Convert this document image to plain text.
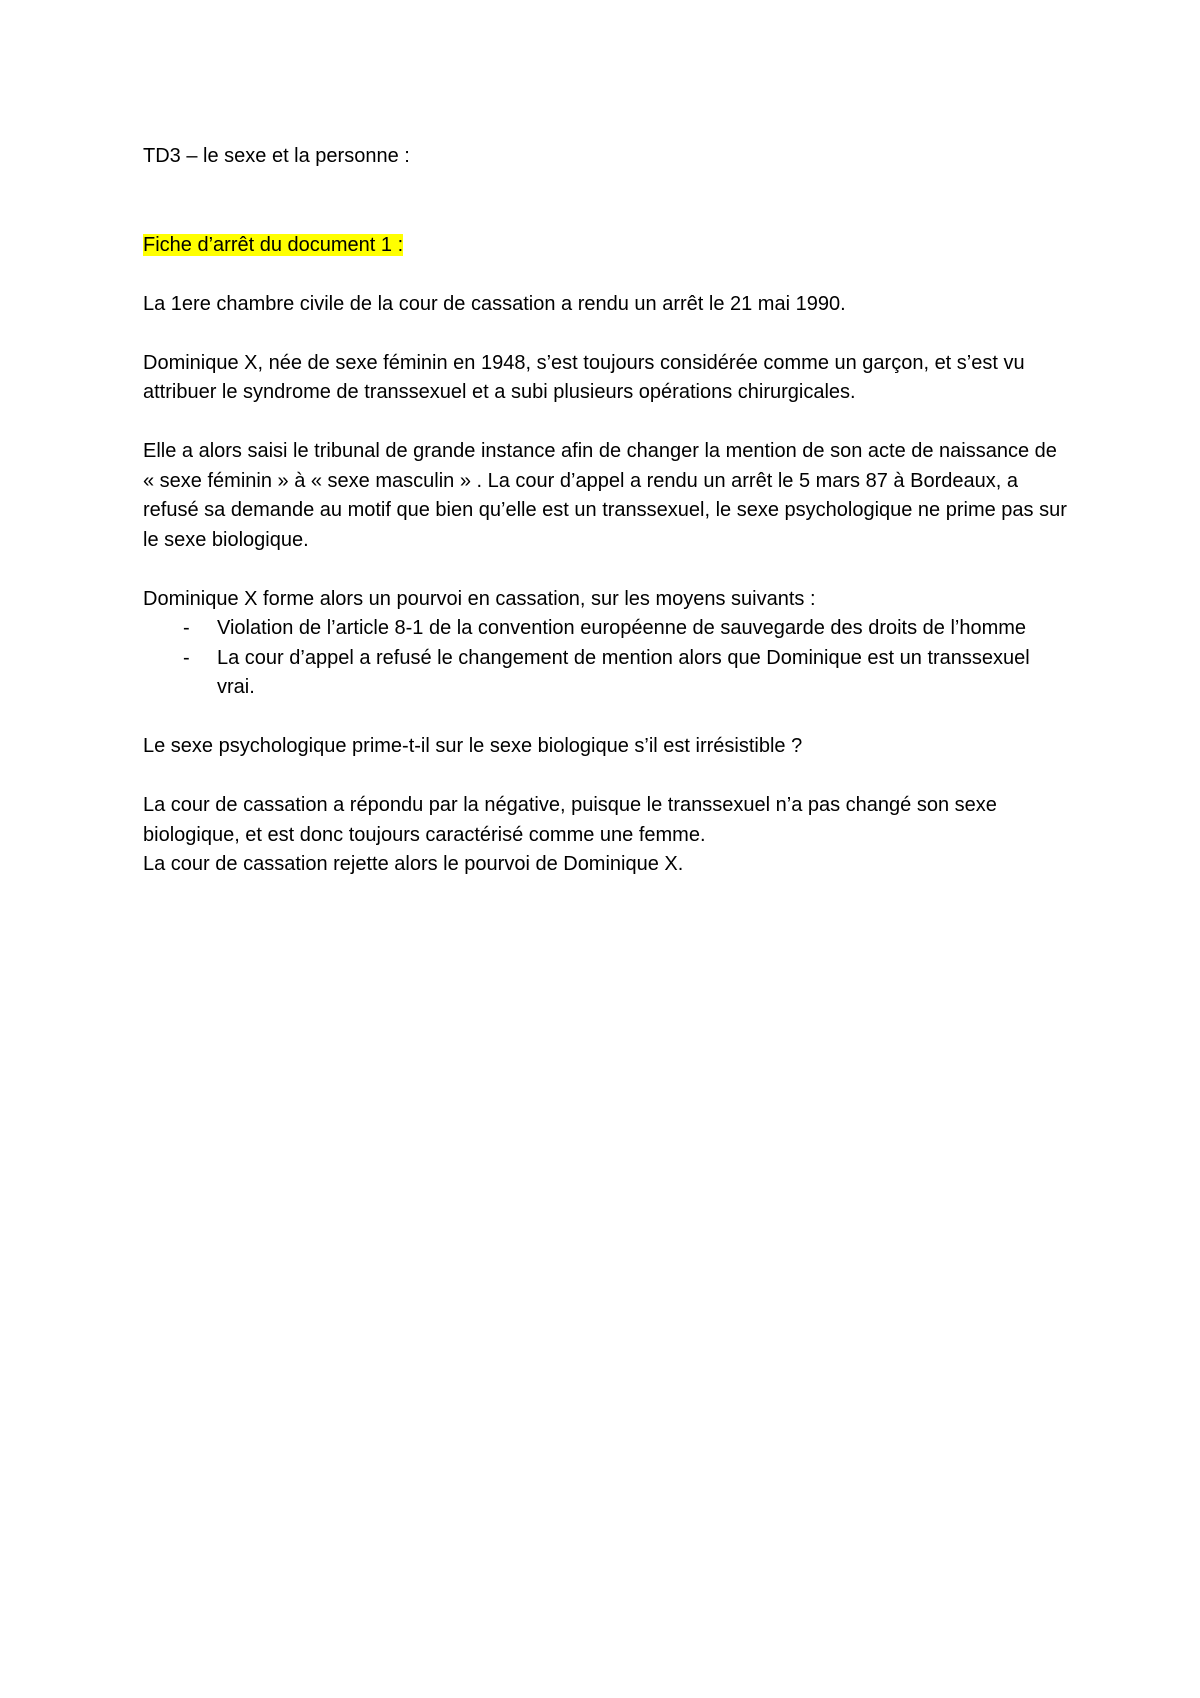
TD3 – le sexe et la personne :

Fiche d’arrêt du document 1 :

La 1ere chambre civile de la cour de cassation a rendu un arrêt le 21 mai 1990.

Dominique X, née de sexe féminin en 1948, s’est toujours considérée comme un garçon, et s’est vu attribuer le syndrome de transsexuel et a subi plusieurs opérations chirurgicales.

Elle a alors saisi le tribunal de grande instance afin de changer la mention de son acte de naissance de « sexe féminin » à « sexe masculin » . La cour d’appel a rendu un arrêt le 5 mars 87 à Bordeaux, a refusé sa demande au motif que bien qu’elle est un transsexuel, le sexe psychologique ne prime pas sur le sexe biologique.

Dominique X forme alors un pourvoi en cassation, sur les moyens suivants :

- Violation de l’article 8-1 de la convention européenne de sauvegarde des droits de l’homme
- La cour d’appel a refusé le changement de mention alors que Dominique est un transsexuel vrai.

Le sexe psychologique prime-t-il sur le sexe biologique s’il est irrésistible ?

La cour de cassation a répondu par la négative, puisque le transsexuel n’a pas changé son sexe biologique, et est donc toujours caractérisé comme une femme.

La cour de cassation rejette alors le pourvoi de Dominique X.
